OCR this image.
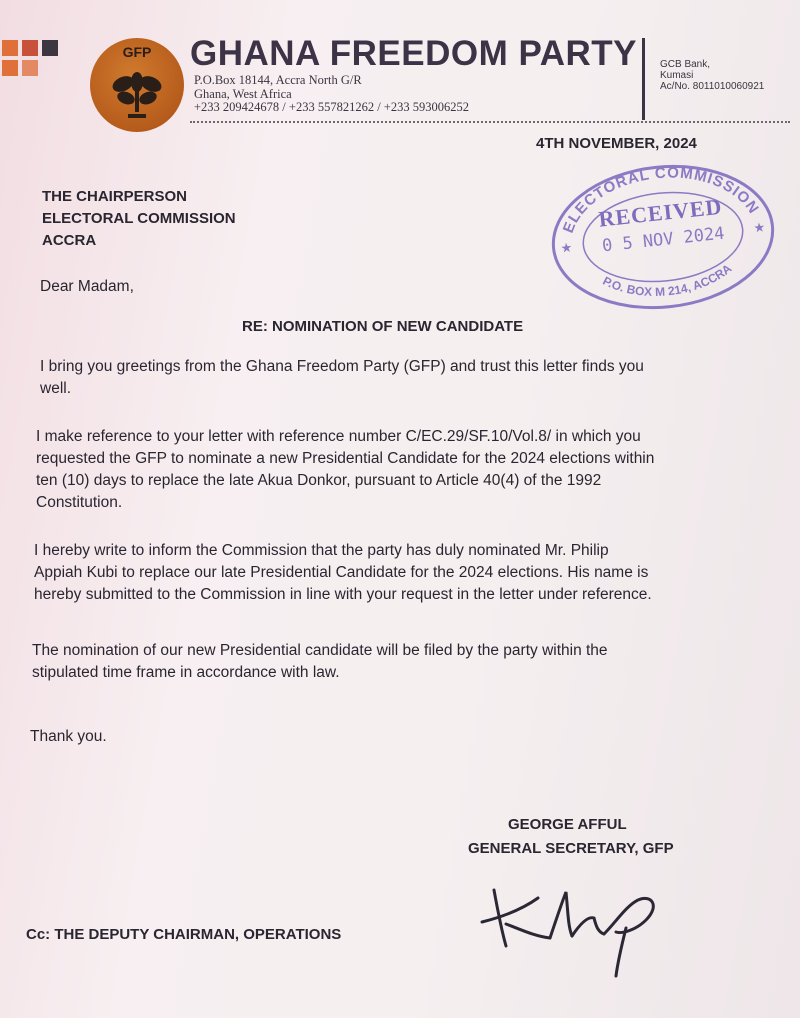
GFP GHANA FREEDOM PARTY
P.O.Box 18144, Accra North G/R
Ghana, West Africa
+233 209424678 / +233 557821262 / +233 593006252
GCB Bank,
Kumasi
Ac/No. 8011010060921
4TH NOVEMBER, 2024
THE CHAIRPERSON
ELECTORAL COMMISSION
ACCRA
ELECTORAL COMMISSION
P.O. BOX M 214, ACCRA
★
★
RECEIVED
0 5 NOV 2024
Dear Madam,
RE: NOMINATION OF NEW CANDIDATE
I bring you greetings from the Ghana Freedom Party (GFP) and trust this letter finds you
well.
I make reference to your letter with reference number C/EC.29/SF.10/Vol.8/ in which you
requested the GFP to nominate a new Presidential Candidate for the 2024 elections within
ten (10) days to replace the late Akua Donkor, pursuant to Article 40(4) of the 1992
Constitution.
I hereby write to inform the Commission that the party has duly nominated Mr. Philip
Appiah Kubi to replace our late Presidential Candidate for the 2024 elections. His name is
hereby submitted to the Commission in line with your request in the letter under reference.
The nomination of our new Presidential candidate will be filed by the party within the
stipulated time frame in accordance with law.
Thank you.
GEORGE AFFUL
GENERAL SECRETARY, GFP
Cc: THE DEPUTY CHAIRMAN, OPERATIONS
